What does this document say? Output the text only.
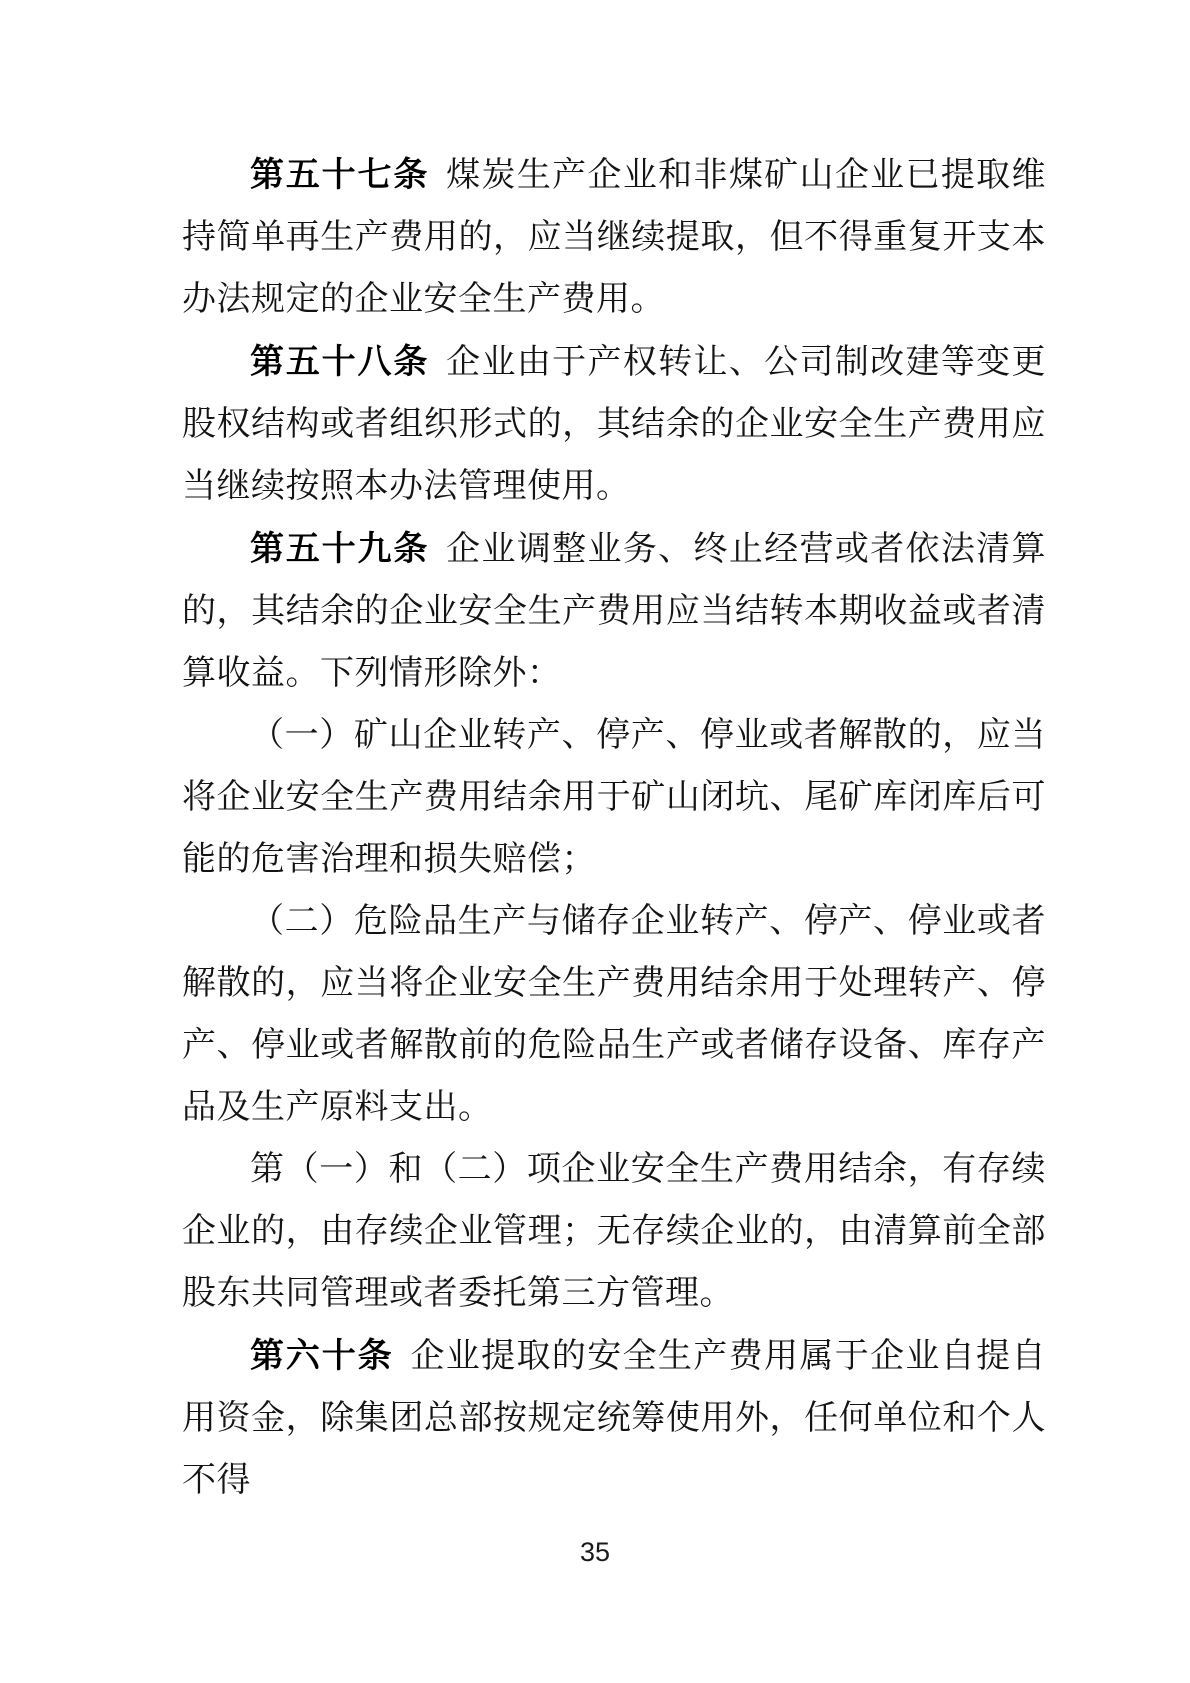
第五十七条 煤炭生产企业和非煤矿山企业已提取维持简单再生产费用的，应当继续提取，但不得重复开支本办法规定的企业安全生产费用。

第五十八条 企业由于产权转让、公司制改建等变更股权结构或者组织形式的，其结余的企业安全生产费用应当继续按照本办法管理使用。

第五十九条 企业调整业务、终止经营或者依法清算的，其结余的企业安全生产费用应当结转本期收益或者清算收益。下列情形除外：

（一）矿山企业转产、停产、停业或者解散的，应当将企业安全生产费用结余用于矿山闭坑、尾矿库闭库后可能的危害治理和损失赔偿；

（二）危险品生产与储存企业转产、停产、停业或者解散的，应当将企业安全生产费用结余用于处理转产、停产、停业或者解散前的危险品生产或者储存设备、库存产品及生产原料支出。

第（一）和（二）项企业安全生产费用结余，有存续企业的，由存续企业管理；无存续企业的，由清算前全部股东共同管理或者委托第三方管理。

第六十条 企业提取的安全生产费用属于企业自提自用资金，除集团总部按规定统筹使用外，任何单位和个人不得

35
